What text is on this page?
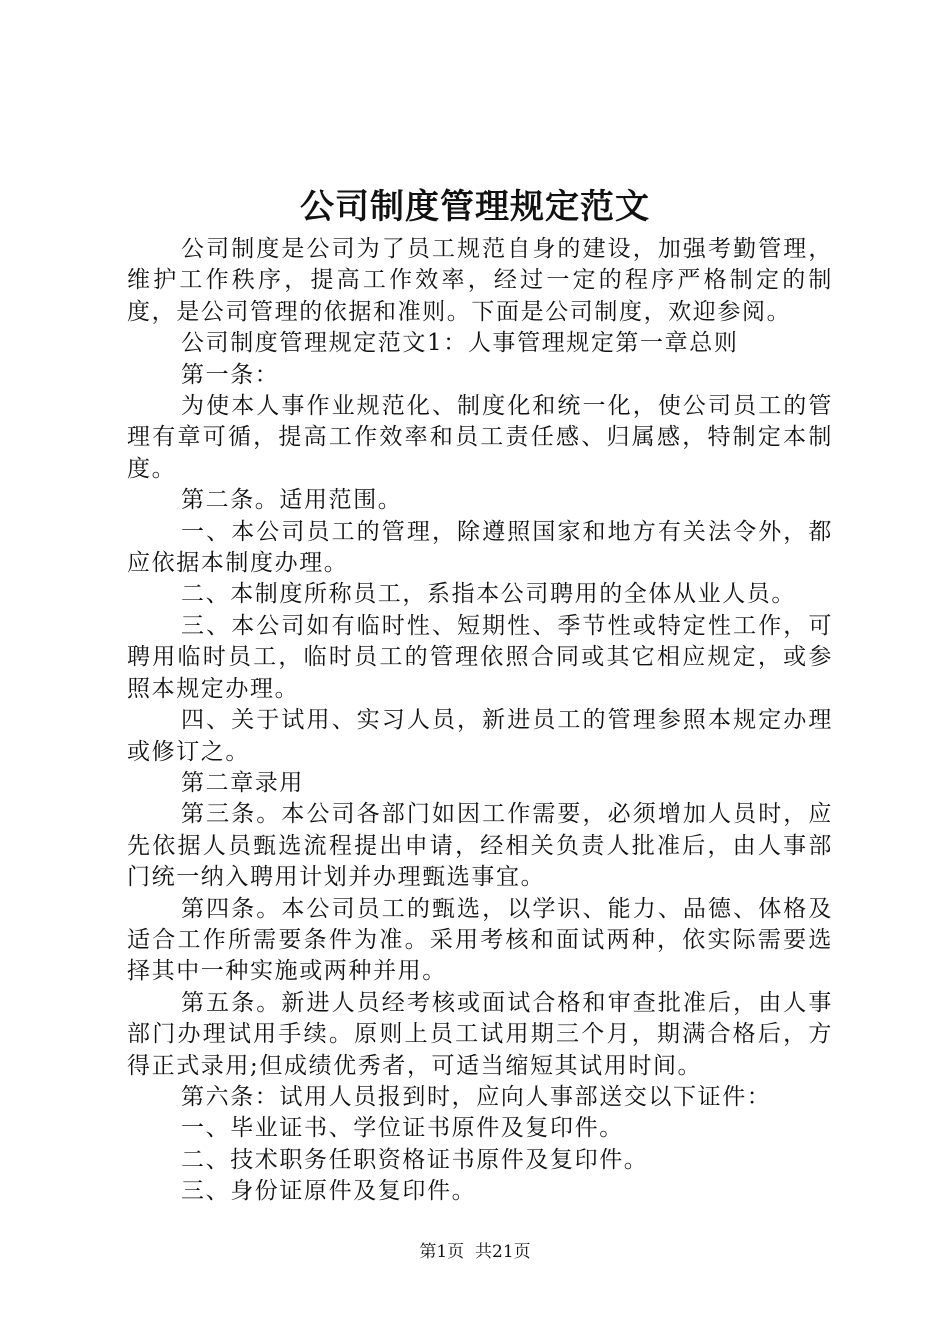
公司制度管理规定范文

公司制度是公司为了员工规范自身的建设，加强考勤管理，维护工作秩序，提高工作效率，经过一定的程序严格制定的制度，是公司管理的依据和准则。下面是公司制度，欢迎参阅。

公司制度管理规定范文1：人事管理规定第一章总则

第一条：

为使本人事作业规范化、制度化和统一化，使公司员工的管理有章可循，提高工作效率和员工责任感、归属感，特制定本制度。

第二条。适用范围。

一、本公司员工的管理，除遵照国家和地方有关法令外，都应依据本制度办理。

二、本制度所称员工，系指本公司聘用的全体从业人员。

三、本公司如有临时性、短期性、季节性或特定性工作，可聘用临时员工，临时员工的管理依照合同或其它相应规定，或参照本规定办理。

四、关于试用、实习人员，新进员工的管理参照本规定办理或修订之。

第二章录用

第三条。本公司各部门如因工作需要，必须增加人员时，应先依据人员甄选流程提出申请，经相关负责人批准后，由人事部门统一纳入聘用计划并办理甄选事宜。

第四条。本公司员工的甄选，以学识、能力、品德、体格及适合工作所需要条件为准。采用考核和面试两种，依实际需要选择其中一种实施或两种并用。

第五条。新进人员经考核或面试合格和审查批准后，由人事部门办理试用手续。原则上员工试用期三个月，期满合格后，方得正式录用;但成绩优秀者，可适当缩短其试用时间。

第六条：试用人员报到时，应向人事部送交以下证件：

一、毕业证书、学位证书原件及复印件。

二、技术职务任职资格证书原件及复印件。

三、身份证原件及复印件。

第1页 共21页
